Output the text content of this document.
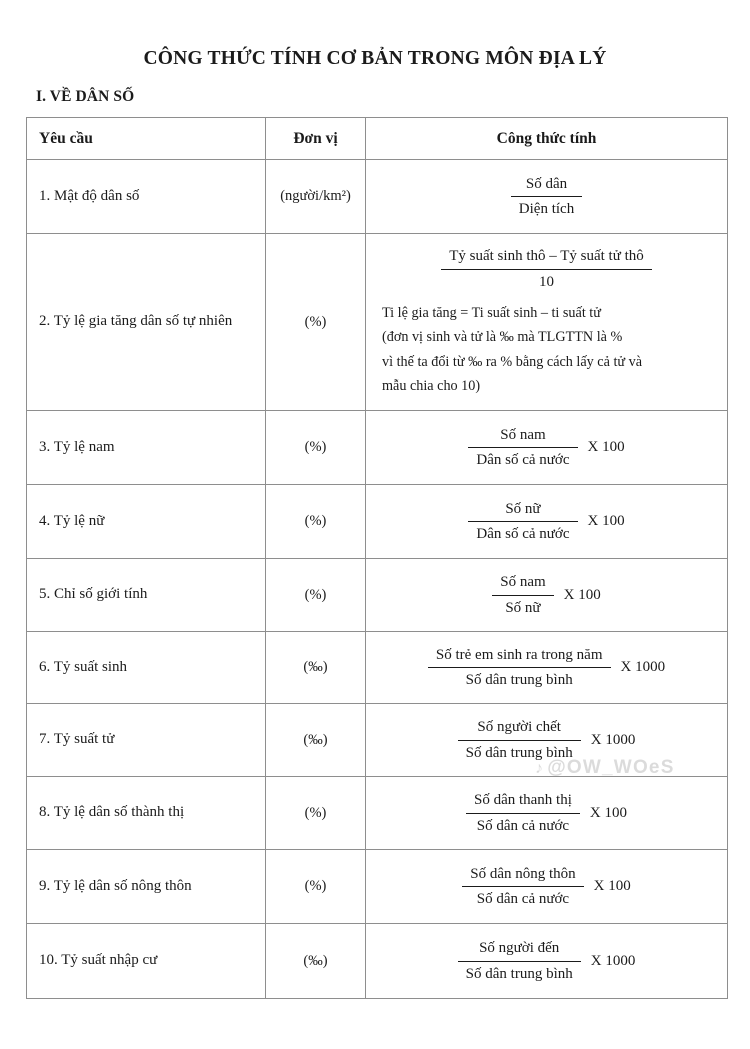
CÔNG THỨC TÍNH CƠ BẢN TRONG MÔN ĐỊA LÝ
I. VỀ DÂN SỐ
Yêu cầu	Đơn vị	Công thức tính
1. Mật độ dân số	(người/km²)	$\frac{\text{Số dân}}{\text{Diện tích}}$

2. Tỷ lệ gia tăng dân số tự nhiên	(%)	
$\frac{\text{Tỷ suất sinh thô – Tỷ suất tử thô}}{10}$
Ti lệ gia tăng = Ti suất sinh – ti suất tử
(đơn vị sinh và tử là ‰ mà TLGTTN là %
vì thế ta đổi từ ‰ ra % bằng cách lấy cả tử và
mẫu chia cho 10)

3. Tỷ lệ nam	(%)	$\frac{\text{Số nam}}{\text{Dân số cả nước}}$ X 100

4. Tỷ lệ nữ	(%)	$\frac{\text{Số nữ}}{\text{Dân số cả nước}}$ X 100

5. Chỉ số giới tính	(%)	$\frac{\text{Số nam}}{\text{Số nữ}}$ X 100

6. Tỷ suất sinh	(‰)	$\frac{\text{Số trẻ em sinh ra trong năm}}{\text{Số dân trung bình}}$ X 1000

7. Tỷ suất tử	(‰)	$\frac{\text{Số người chết}}{\text{Số dân trung bình}}$ X 1000

8. Tỷ lệ dân số thành thị	(%)	$\frac{\text{Số dân thanh thị}}{\text{Số dân cả nước}}$ X 100

9. Tỷ lệ dân số nông thôn	(%)	$\frac{\text{Số dân nông thôn}}{\text{Số dân cả nước}}$ X 100

10. Tỷ suất nhập cư	(‰)	$\frac{\text{Số người đến}}{\text{Số dân trung bình}}$ X 1000
♪ @OW_WOeS
